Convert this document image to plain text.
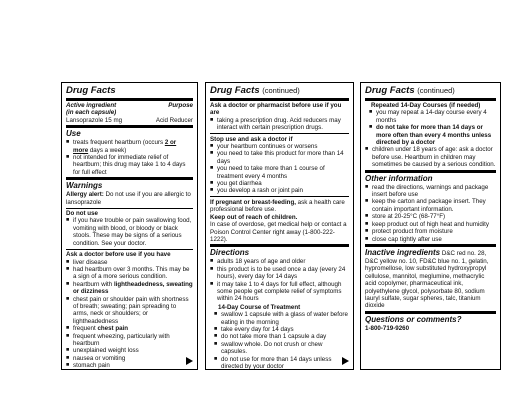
Drug Facts
Active ingredient	Purpose
(in each capsule)
Lansoprazole 15 mg	Acid Reducer
Use
■ treats frequent heartburn (occurs 2 or more days a week)
■ not intended for immediate relief of heartburn; this drug may take 1 to 4 days for full effect
Warnings
Allergy alert: Do not use if you are allergic to lansoprazole
Do not use
■ if you have trouble or pain swallowing food, vomiting with blood, or bloody or black stools. These may be signs of a serious condition. See your doctor.
Ask a doctor before use if you have
■ liver disease
■ had heartburn over 3 months. This may be a sign of a more serious condition.
■ heartburn with lightheadedness, sweating or dizziness
■ chest pain or shoulder pain with shortness of breath; sweating; pain spreading to arms, neck or shoulders; or lightheadedness
■ frequent chest pain
■ frequent wheezing, particularly with heartburn
■ unexplained weight loss
■ nausea or vomiting
■ stomach pain
Drug Facts (continued)
Ask a doctor or pharmacist before use if you are
■ taking a prescription drug. Acid reducers may interact with certain prescription drugs.
Stop use and ask a doctor if
■ your heartburn continues or worsens
■ you need to take this product for more than 14 days
■ you need to take more than 1 course of treatment every 4 months
■ you get diarrhea
■ you develop a rash or joint pain
If pregnant or breast-feeding, ask a health care professional before use.
Keep out of reach of children.
In case of overdose, get medical help or contact a Poison Control Center right away (1-800-222-1222).
Directions
■ adults 18 years of age and older
■ this product is to be used once a day (every 24 hours), every day for 14 days
■ it may take 1 to 4 days for full effect, although some people get complete relief of symptoms within 24 hours
14-Day Course of Treatment
■ swallow 1 capsule with a glass of water before eating in the morning
■ take every day for 14 days
■ do not take more than 1 capsule a day
■ swallow whole. Do not crush or chew capsules.
■ do not use for more than 14 days unless directed by your doctor
Drug Facts (continued)
Repeated 14-Day Courses (if needed)
■ you may repeat a 14-day course every 4 months
■ do not take for more than 14 days or more often than every 4 months unless directed by a doctor
■ children under 18 years of age: ask a doctor before use. Heartburn in children may sometimes be caused by a serious condition.
Other information
■ read the directions, warnings and package insert before use
■ keep the carton and package insert. They contain important information.
■ store at 20-25°C (68-77°F)
■ keep product out of high heat and humidity
■ protect product from moisture
■ close cap tightly after use
Inactive ingredients D&C red no. 28, D&C yellow no. 10, FD&C blue no. 1, gelatin, hypromellose, low substituted hydroxypropyl cellulose, mannitol, meglumine, methacrylic acid copolymer, pharmaceutical ink, polyethylene glycol, polysorbate 80, sodium lauryl sulfate, sugar spheres, talc, titanium dioxide
Questions or comments?
1-800-719-9260
